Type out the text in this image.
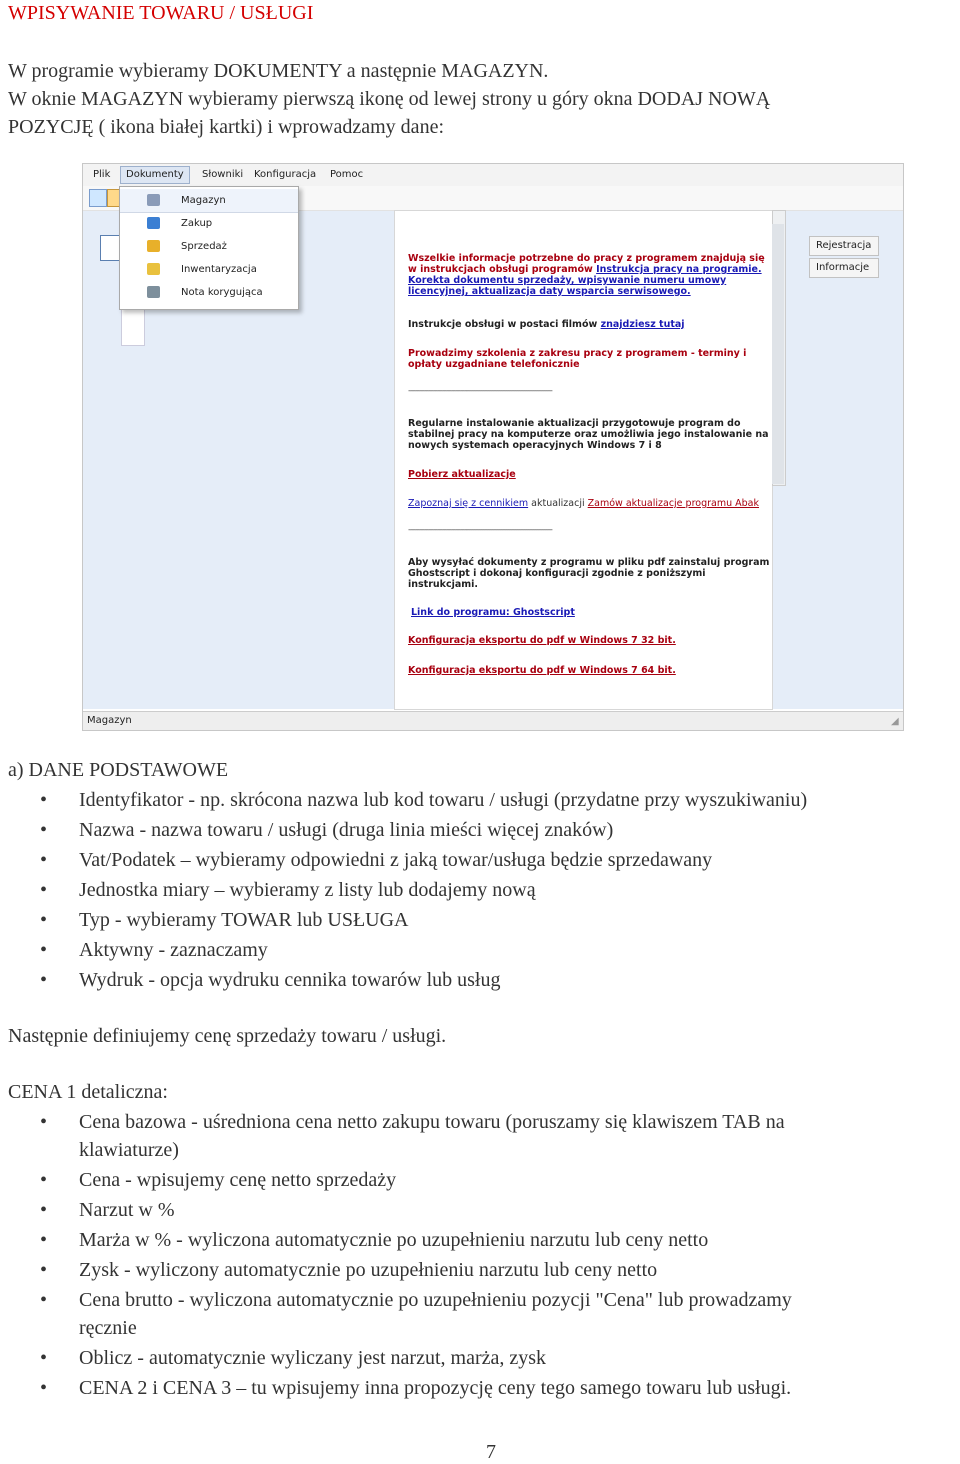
WPISYWANIE TOWARU / USŁUGI
W programie wybieramy DOKUMENTY a następnie MAGAZYN.
W oknie MAGAZYN wybieramy pierwszą ikonę od lewej strony u góry okna DODAJ NOWĄ
POZYCJĘ ( ikona białej kartki) i wprowadzamy dane:
Plik	Dokumenty	Słowniki Konfiguracja Pomoc
Magazyn
Zakup
Sprzedaż
Inwentaryzacja
Nota korygująca
Wszelkie informacje potrzebne do pracy z programem znajdują się
w instrukcjach obsługi programów Instrukcja pracy na programie.
Korekta dokumentu sprzedaży, wpisywanie numeru umowy
licencyjnej, aktualizacja daty wsparcia serwisowego.
Instrukcje obsługi w postaci filmów znajdziesz tutaj
Prowadzimy szkolenia z zakresu pracy z programem - terminy i
opłaty uzgadniane telefonicznie
----------------------------------------------------------------
Regularne instalowanie aktualizacji przygotowuje program do
stabilnej pracy na komputerze oraz umożliwia jego instalowanie na
nowych systemach operacyjnych Windows 7 i 8
Pobierz aktualizacje
Zapoznaj się z cennikiem aktualizacji Zamów aktualizacje programu Abak
----------------------------------------------------------------
Aby wysyłać dokumenty z programu w pliku pdf zainstaluj program
Ghostscript i dokonaj konfiguracji zgodnie z poniższymi
instrukcjami.
Link do programu: Ghostscript
Konfiguracja eksportu do pdf w Windows 7 32 bit.
Konfiguracja eksportu do pdf w Windows 7 64 bit.
Rejestracja
Informacje
Magazyn	◢
a) DANE PODSTAWOWE
• Identyfikator - np. skrócona nazwa lub kod towaru / usługi (przydatne przy wyszukiwaniu)
• Nazwa - nazwa towaru / usługi (druga linia mieści więcej znaków)
• Vat/Podatek – wybieramy odpowiedni z jaką towar/usługa będzie sprzedawany
• Jednostka miary – wybieramy z listy lub dodajemy nową
• Typ - wybieramy TOWAR lub USŁUGA
• Aktywny - zaznaczamy
• Wydruk - opcja wydruku cennika towarów lub usług
Następnie definiujemy cenę sprzedaży towaru / usługi.
CENA 1 detaliczna:
• Cena bazowa - uśredniona cena netto zakupu towaru (poruszamy się klawiszem TAB na
klawiaturze)
• Cena - wpisujemy cenę netto sprzedaży
• Narzut w %
• Marża w % - wyliczona automatycznie po uzupełnieniu narzutu lub ceny netto
• Zysk - wyliczony automatycznie po uzupełnieniu narzutu lub ceny netto
• Cena brutto - wyliczona automatycznie po uzupełnieniu pozycji "Cena" lub prowadzamy
ręcznie
• Oblicz - automatycznie wyliczany jest narzut, marża, zysk
• CENA 2 i CENA 3 – tu wpisujemy inna propozycję ceny tego samego towaru lub usługi.
7
